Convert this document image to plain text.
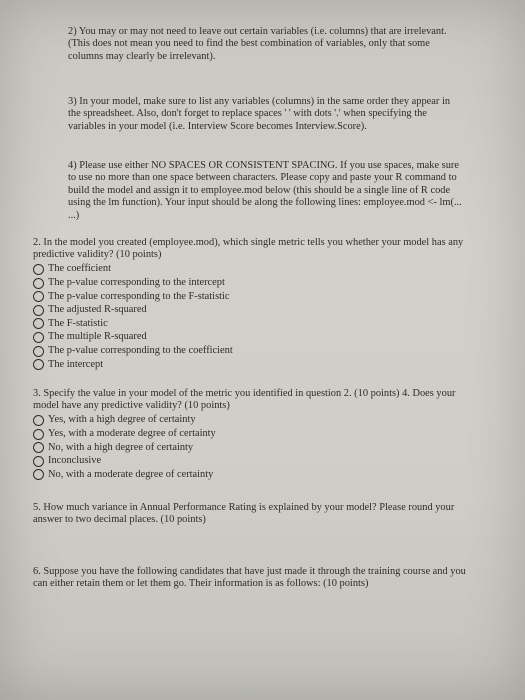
2) You may or may not need to leave out certain variables (i.e. columns) that are irrelevant. (This does not mean you need to find the best combination of variables, only that some columns may clearly be irrelevant).

3) In your model, make sure to list any variables (columns) in the same order they appear in the spreadsheet. Also, don't forget to replace spaces ' ' with dots '.' when specifying the variables in your model (i.e. Interview Score becomes Interview.Score).

4) Please use either NO SPACES OR CONSISTENT SPACING. If you use spaces, make sure to use no more than one space between characters. Please copy and paste your R command to build the model and assign it to employee.mod below (this should be a single line of R code using the lm function). Your input should be along the following lines: employee.mod <- lm(... ...)

2. In the model you created (employee.mod), which single metric tells you whether your model has any predictive validity? (10 points)

The coefficient
The p-value corresponding to the intercept
The p-value corresponding to the F-statistic
The adjusted R-squared
The F-statistic
The multiple R-squared
The p-value corresponding to the coefficient
The intercept

3. Specify the value in your model of the metric you identified in question 2. (10 points) 4. Does your model have any predictive validity? (10 points)

Yes, with a high degree of certainty
Yes, with a moderate degree of certainty
No, with a high degree of certainty
Inconclusive
No, with a moderate degree of certainty

5. How much variance in Annual Performance Rating is explained by your model? Please round your answer to two decimal places. (10 points)

6. Suppose you have the following candidates that have just made it through the training course and you can either retain them or let them go. Their information is as follows: (10 points)
